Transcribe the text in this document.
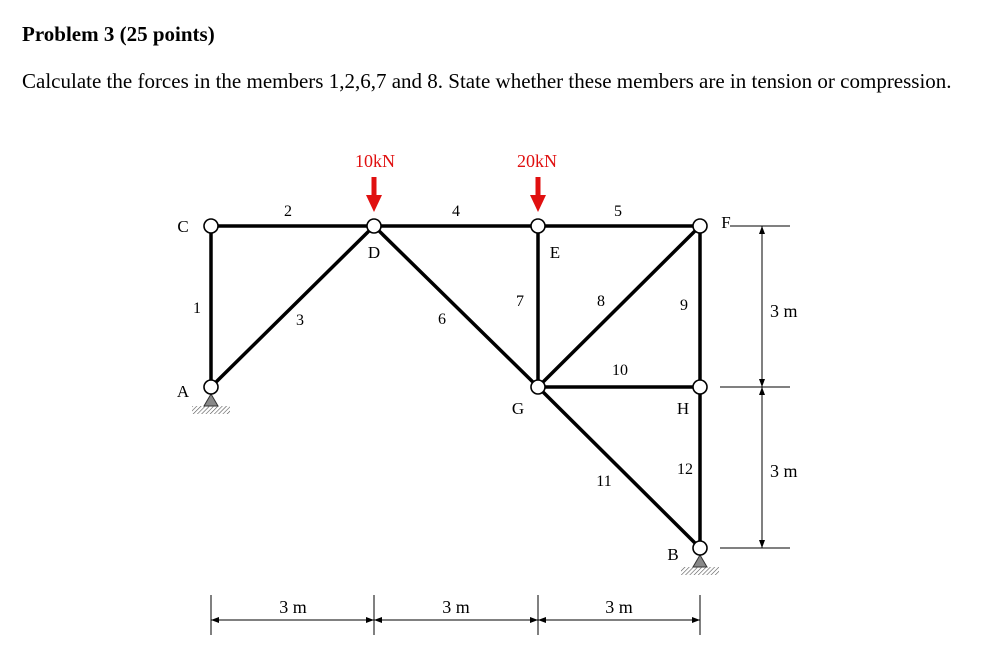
Problem 3 (25 points)

Calculate the forces in the members 1,2,6,7 and 8. State whether these members are in tension or compression.

10kN	20kN
C
D	E
F
A
G	H
B
1
2
3
4	5
6
7	8	9
10
11
12
3 m	3 m	3 m
3 m
3 m
